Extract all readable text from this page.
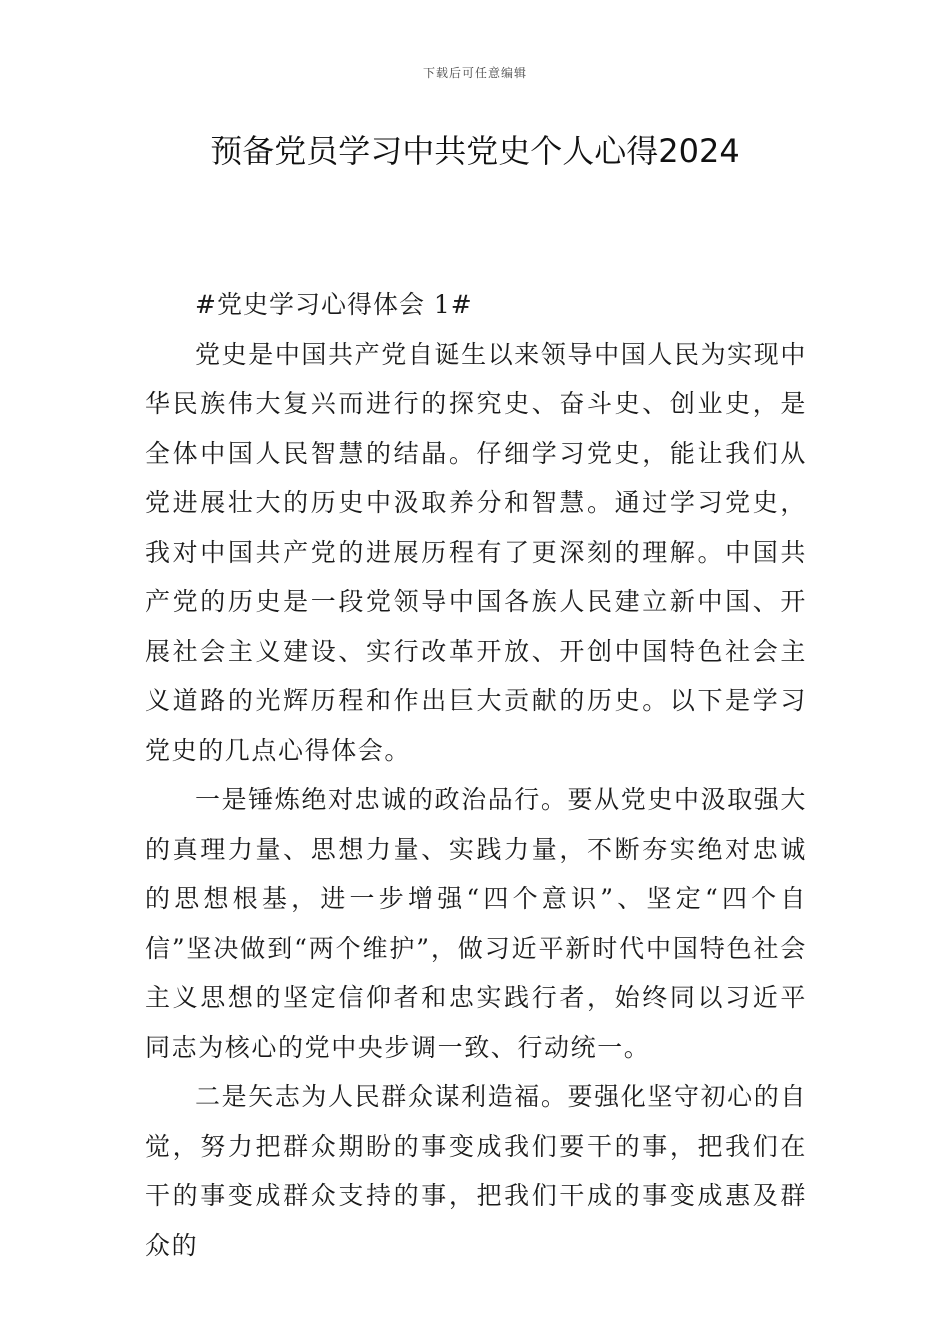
下载后可任意编辑
预备党员学习中共党史个人心得2024

#党史学习心得体会 1#

党史是中国共产党自诞生以来领导中国人民为实现中华民族伟大复兴而进行的探究史、奋斗史、创业史，是全体中国人民智慧的结晶。仔细学习党史，能让我们从党进展壮大的历史中汲取养分和智慧。通过学习党史，我对中国共产党的进展历程有了更深刻的理解。中国共产党的历史是一段党领导中国各族人民建立新中国、开展社会主义建设、实行改革开放、开创中国特色社会主义道路的光辉历程和作出巨大贡献的历史。以下是学习党史的几点心得体会。

一是锤炼绝对忠诚的政治品行。要从党史中汲取强大的真理力量、思想力量、实践力量，不断夯实绝对忠诚的思想根基，进一步增强“四个意识”、坚定“四个自信”坚决做到“两个维护”，做习近平新时代中国特色社会主义思想的坚定信仰者和忠实践行者，始终同以习近平同志为核心的党中央步调一致、行动统一。

二是矢志为人民群众谋利造福。要强化坚守初心的自觉，努力把群众期盼的事变成我们要干的事，把我们在干的事变成群众支持的事，把我们干成的事变成惠及群众的
